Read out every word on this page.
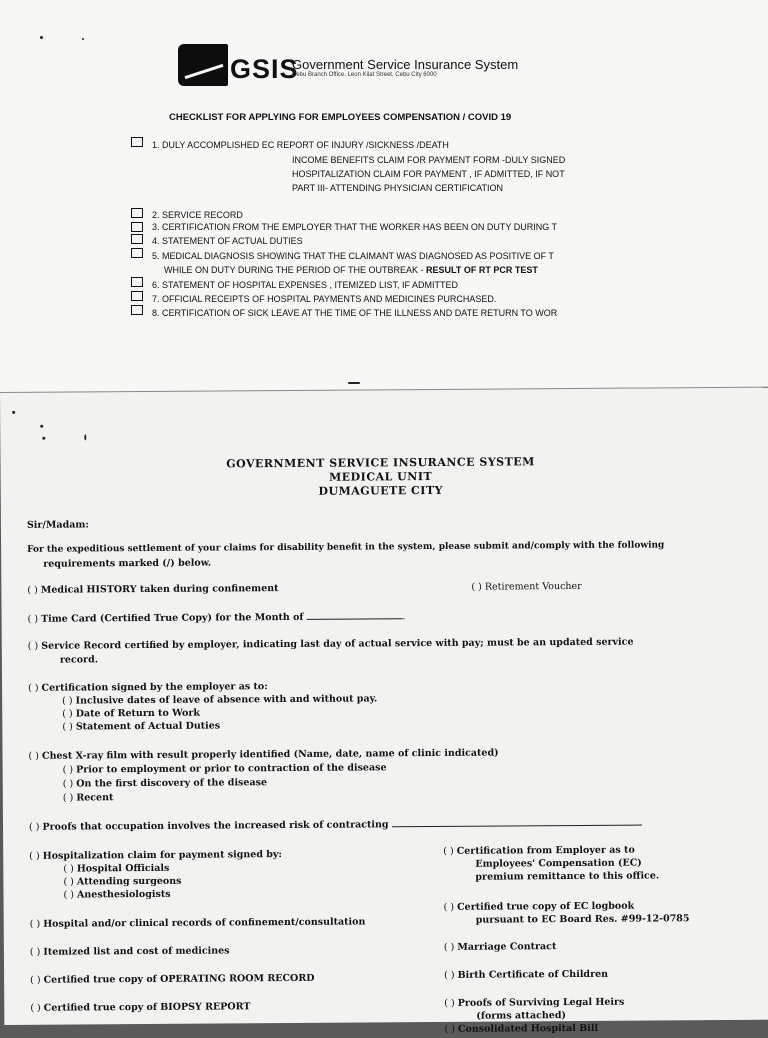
GSIS
Government Service Insurance System
Cebu Branch Office, Leon Kilat Street, Cebu City 6000
CHECKLIST FOR APPLYING FOR EMPLOYEES COMPENSATION / COVID 19
1. DULY ACCOMPLISHED EC REPORT OF INJURY /SICKNESS /DEATH
INCOME BENEFITS CLAIM FOR PAYMENT FORM -DULY SIGNED
HOSPITALIZATION CLAIM FOR PAYMENT , IF ADMITTED, IF NOT
PART III- ATTENDING PHYSICIAN CERTIFICATION
2. SERVICE RECORD
3. CERTIFICATION FROM THE EMPLOYER THAT THE WORKER HAS BEEN ON DUTY DURING T
4. STATEMENT OF ACTUAL DUTIES
5. MEDICAL DIAGNOSIS SHOWING THAT THE CLAIMANT WAS DIAGNOSED AS POSITIVE OF T
WHILE ON DUTY DURING THE PERIOD OF THE OUTBREAK - RESULT OF RT PCR TEST
6. STATEMENT OF HOSPITAL EXPENSES , ITEMIZED LIST, IF ADMITTED
7. OFFICIAL RECEIPTS OF HOSPITAL PAYMENTS AND MEDICINES PURCHASED.
8. CERTIFICATION OF SICK LEAVE AT THE TIME OF THE ILLNESS AND DATE RETURN TO WOR
GOVERNMENT SERVICE INSURANCE SYSTEM
MEDICAL UNIT
DUMAGUETE CITY
Sir/Madam:
For the expeditious settlement of your claims for disability benefit in the system, please submit and/comply with the following
requirements marked (/) below.
( ) Medical HISTORY taken during confinement
( ) Time Card (Certified True Copy) for the Month of	.
( ) Service Record certified by employer, indicating last day of actual service with pay; must be an updated service
record.
( ) Certification signed by the employer as to:
( ) Inclusive dates of leave of absence with and without pay.
( ) Date of Return to Work
( ) Statement of Actual Duties
( ) Chest X-ray film with result properly identified (Name, date, name of clinic indicated)
( ) Prior to employment or prior to contraction of the disease
( ) On the first discovery of the disease
( ) Recent
( ) Proofs that occupation involves the increased risk of contracting
( ) Hospitalization claim for payment signed by:
( ) Hospital Officials
( ) Attending surgeons
( ) Anesthesiologists
( ) Hospital and/or clinical records of confinement/consultation
( ) Itemized list and cost of medicines
( ) Certified true copy of OPERATING ROOM RECORD
( ) Certified true copy of BIOPSY REPORT
( ) Retirement Voucher
( ) Certification from Employer as to
Employees' Compensation (EC)
premium remittance to this office.
( ) Certified true copy of EC logbook
pursuant to EC Board Res. #99-12-0785
( ) Marriage Contract
( ) Birth Certificate of Children
( ) Proofs of Surviving Legal Heirs
(forms attached)
( ) Consolidated Hospital Bill
